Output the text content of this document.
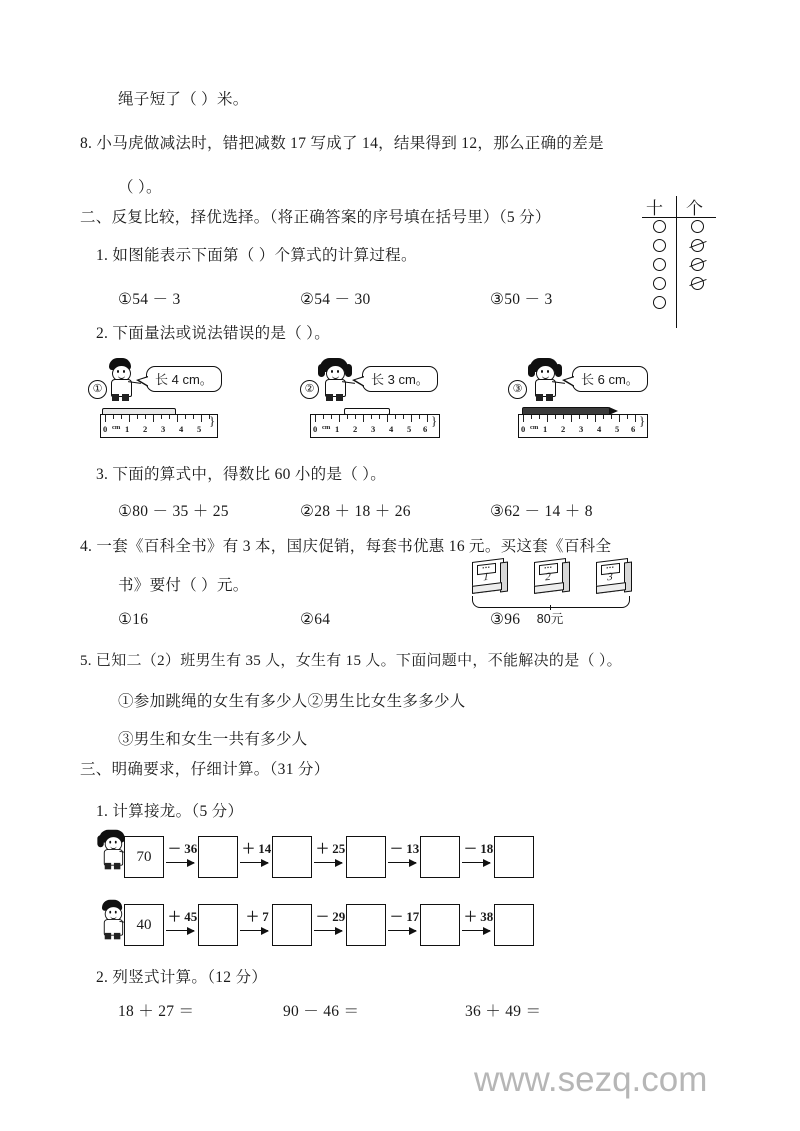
绳子短了（ ）米。
8. 小马虎做减法时，错把减数 17 写成了 14，结果得到 12，那么正确的差是
（ ）。
二、反复比较，择优选择。（将正确答案的序号填在括号里）（5 分）	十 个
1. 如图能表示下面第（ ）个算式的计算过程。
①54 － 3	②54 － 30	③50 － 3
2. 下面量法或说法错误的是（ ）。
①
长 4 cm。
0 cm 1 2 3 4 5
}
②
长 3 cm。
0 cm 1 2 3 4 5 6
}
③
长 6 cm。
0 cm 1 2 3 4 5 6
}
3. 下面的算式中，得数比 60 小的是（ ）。
①80 － 35 ＋ 25	②28 ＋ 18 ＋ 26	③62 － 14 ＋ 8
4. 一套《百科全书》有 3 本，国庆促销，每套书优惠 16 元。买这套《百科全
书》要付（ ）元。
①16	②64	③96
▪▪▪
1
▪▪▪
2
▪▪▪
3
80元
5. 已知二（2）班男生有 35 人，女生有 15 人。下面问题中，不能解决的是（ ）。
①参加跳绳的女生有多少人②男生比女生多多少人
③男生和女生一共有多少人
三、明确要求，仔细计算。（31 分）
1. 计算接龙。（5 分）
70
－ 36	＋ 14	＋ 25	－ 13	－ 18
40
＋ 45	＋ 7	－ 29	－ 17	＋ 38
2. 列竖式计算。（12 分）
18 ＋ 27 ＝	90 － 46 ＝	36 ＋ 49 ＝
www.sezq.com
